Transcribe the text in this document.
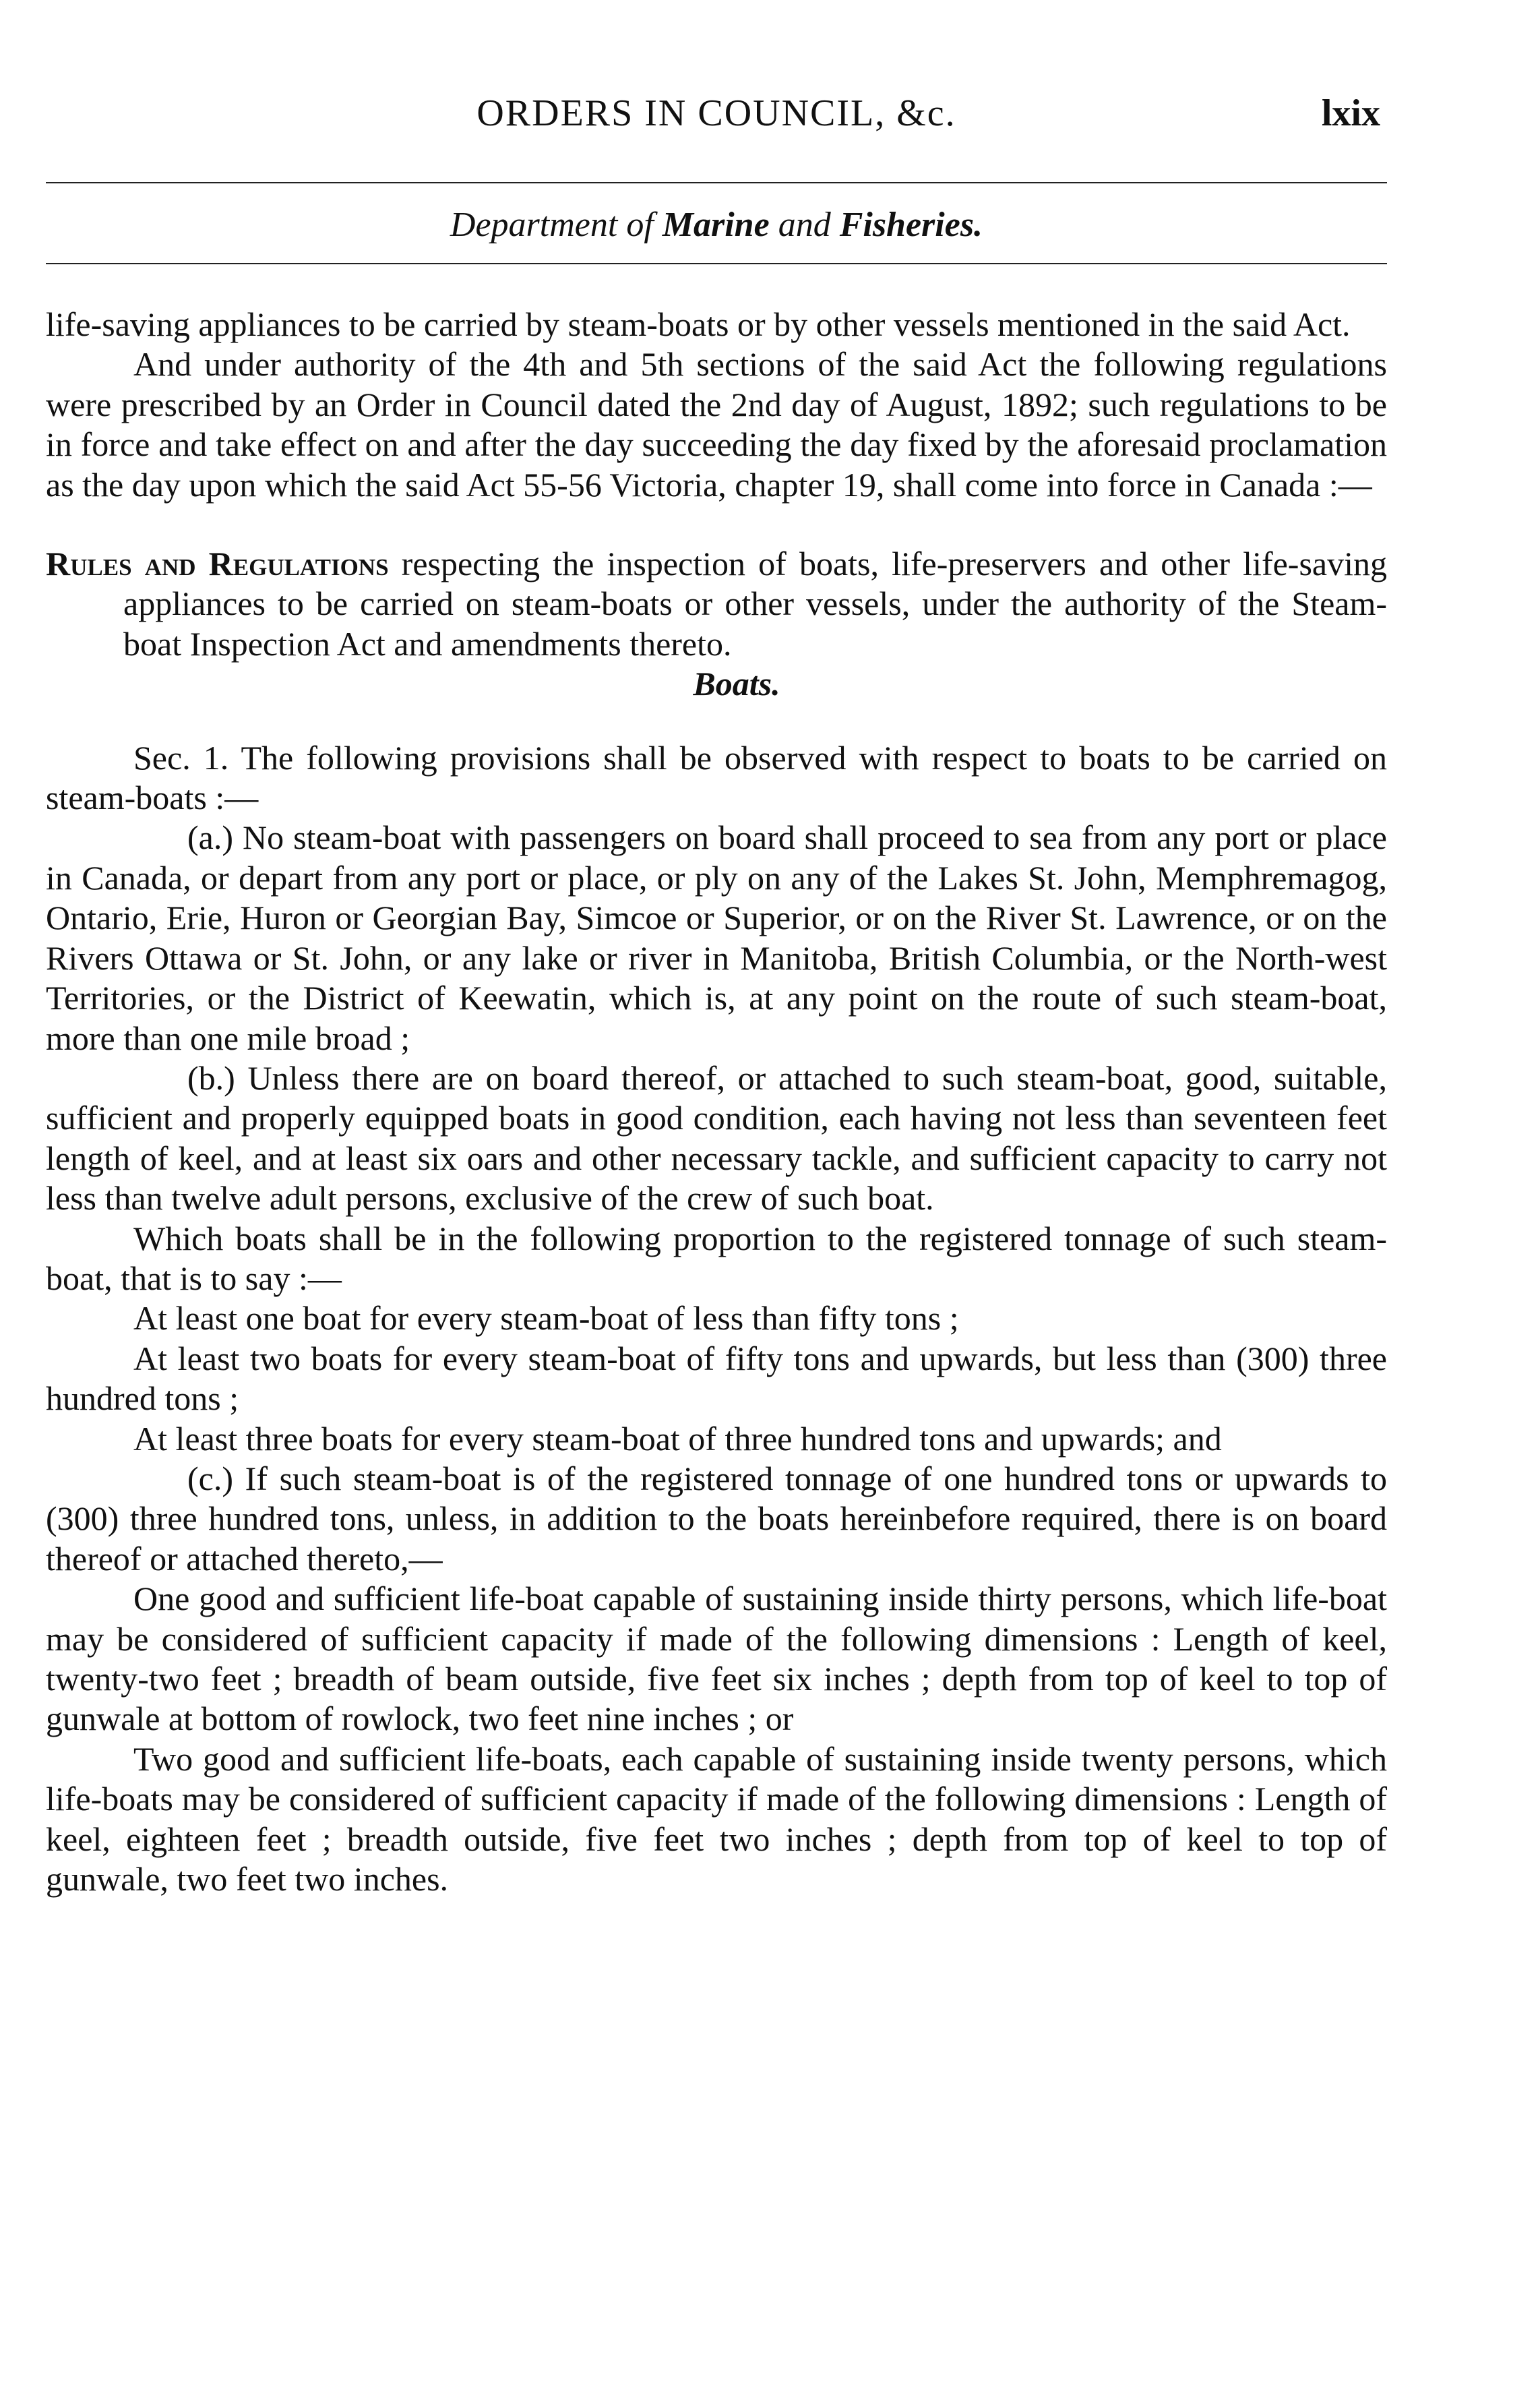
ORDERS IN COUNCIL, &c.	lxix
Department of Marine and Fisheries.

life-saving appliances to be carried by steam-boats or by other vessels mentioned in the said Act.

And under authority of the 4th and 5th sections of the said Act the following regulations were prescribed by an Order in Council dated the 2nd day of August, 1892; such regulations to be in force and take effect on and after the day succeeding the day fixed by the aforesaid proclamation as the day upon which the said Act 55-56 Victoria, chapter 19, shall come into force in Canada :—

Rules and Regulations respecting the inspection of boats, life-preservers and other life-saving appliances to be carried on steam-boats or other vessels, under the authority of the Steam-boat Inspection Act and amendments thereto.

Boats.

Sec. 1. The following provisions shall be observed with respect to boats to be carried on steam-boats :—

(a.) No steam-boat with passengers on board shall proceed to sea from any port or place in Canada, or depart from any port or place, or ply on any of the Lakes St. John, Memphremagog, Ontario, Erie, Huron or Georgian Bay, Simcoe or Superior, or on the River St. Lawrence, or on the Rivers Ottawa or St. John, or any lake or river in Manitoba, British Columbia, or the North-west Territories, or the District of Keewatin, which is, at any point on the route of such steam-boat, more than one mile broad ;

(b.) Unless there are on board thereof, or attached to such steam-boat, good, suitable, sufficient and properly equipped boats in good condition, each having not less than seventeen feet length of keel, and at least six oars and other necessary tackle, and sufficient capacity to carry not less than twelve adult persons, exclusive of the crew of such boat.

Which boats shall be in the following proportion to the registered tonnage of such steam-boat, that is to say :—

At least one boat for every steam-boat of less than fifty tons ;

At least two boats for every steam-boat of fifty tons and upwards, but less than (300) three hundred tons ;

At least three boats for every steam-boat of three hundred tons and upwards; and

(c.) If such steam-boat is of the registered tonnage of one hundred tons or upwards to (300) three hundred tons, unless, in addition to the boats hereinbefore required, there is on board thereof or attached thereto,—

One good and sufficient life-boat capable of sustaining inside thirty persons, which life-boat may be considered of sufficient capacity if made of the following dimensions : Length of keel, twenty-two feet ; breadth of beam outside, five feet six inches ; depth from top of keel to top of gunwale at bottom of rowlock, two feet nine inches ; or

Two good and sufficient life-boats, each capable of sustaining inside twenty persons, which life-boats may be considered of sufficient capacity if made of the following dimensions : Length of keel, eighteen feet ; breadth outside, five feet two inches ; depth from top of keel to top of gunwale, two feet two inches.
